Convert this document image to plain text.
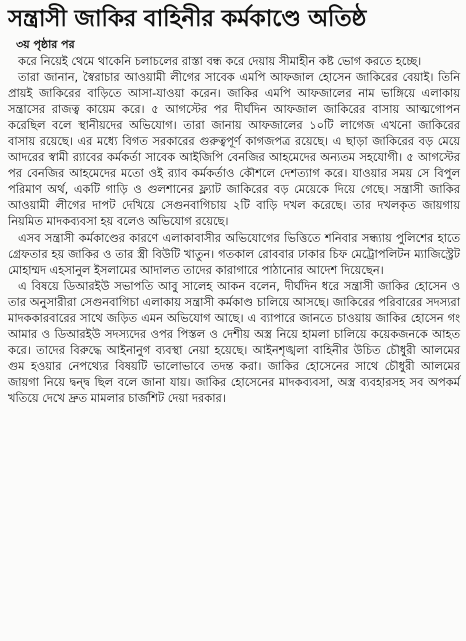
সন্ত্রাসী জাকির বাহিনীর কর্মকাণ্ডে অতিষ্ঠ
৩য় পৃষ্ঠার পর

করে নিয়েই থেমে থাকেনি চলাচলের রাস্তা বন্ধ করে দেয়ায় সীমাহীন কষ্ট ভোগ করতে হচ্ছে।

তারা জানান, স্বৈরাচার আওয়ামী লীগের সাবেক এমপি আফজাল হোসেন জাকিরের বেয়াই। তিনি প্রায়ই জাকিরের বাড়িতে আসা-যাওয়া করেন। জাকির এমপি আফজালের নাম ভাঙ্গিয়ে এলাকায় সন্ত্রাসের রাজত্ব কায়েম করে। ৫ আগস্টের পর দীর্ঘদিন আফজাল জাকিরের বাসায় আত্মগোপন করেছিল বলে স্থানীয়দের অভিযোগ। তারা জানায় আফজালের ১০টি লাগেজ এখনো জাকিরের বাসায় রয়েছে। এর মধ্যে বিগত সরকারের গুরুত্বপূর্ণ কাগজপত্র রয়েছে। এ ছাড়া জাকিরের বড় মেয়ে আদরের স্বামী র‍্যাবের কর্মকর্তা সাবেক আইজিপি বেনজির আহমেদের অন্যতম সহযোগী। ৫ আগস্টের পর বেনজির আহমেদের মতো ওই র‍্যাব কর্মকর্তাও কৌশলে দেশত্যাগ করে। যাওয়ার সময় সে বিপুল পরিমাণ অর্থ, একটি গাড়ি ও গুলশানের ফ্ল্যাট জাকিরের বড় মেয়েকে দিয়ে গেছে। সন্ত্রাসী জাকির আওয়ামী লীগের দাপট দেখিয়ে সেগুনবাগিচায় ২টি বাড়ি দখল করেছে। তার দখলকৃত জায়গায় নিয়মিত মাদকব্যবসা হয় বলেও অভিযোগ রয়েছে।

এসব সন্ত্রাসী কর্মকাণ্ডের কারণে এলাকাবাসীর অভিযোগের ভিত্তিতে শনিবার সন্ধ্যায় পুলিশের হাতে গ্রেফতার হয় জাকির ও তার স্ত্রী বিউটি খাতুন। গতকাল রোববার ঢাকার চিফ মেট্রোপলিটন ম্যাজিস্ট্রেট মোহাম্মদ এহসানুল ইসলামের আদালত তাদের কারাগারে পাঠানোর আদেশ দিয়েছেন।

এ বিষয়ে ডিআরইউ সভাপতি আবু সালেহ আকন বলেন, দীর্ঘদিন ধরে সন্ত্রাসী জাকির হোসেন ও তার অনুসারীরা সেগুনবাগিচা এলাকায় সন্ত্রাসী কর্মকাণ্ড চালিয়ে আসছে। জাকিরের পরিবারের সদস্যরা মাদককারবারের সাথে জড়িত এমন অভিযোগ আছে। এ ব্যাপারে জানতে চাওয়ায় জাকির হোসেন গং আমার ও ডিআরইউ সদস্যদের ওপর পিস্তল ও দেশীয় অস্ত্র নিয়ে হামলা চালিয়ে কয়েকজনকে আহত করে। তাদের বিরুদ্ধে আইনানুগ ব্যবস্থা নেয়া হয়েছে। আইনশৃঙ্খলা বাহিনীর উচিত চৌধুরী আলমের গুম হওয়ার নেপথ্যের বিষয়টি ভালোভাবে তদন্ত করা। জাকির হোসেনের সাথে চৌধুরী আলমের জায়গা নিয়ে দ্বন্দ্ব ছিল বলে জানা যায়। জাকির হোসেনের মাদকব্যবসা, অস্ত্র ব্যবহারসহ সব অপকর্ম খতিয়ে দেখে দ্রুত মামলার চার্জশিট দেয়া দরকার।
